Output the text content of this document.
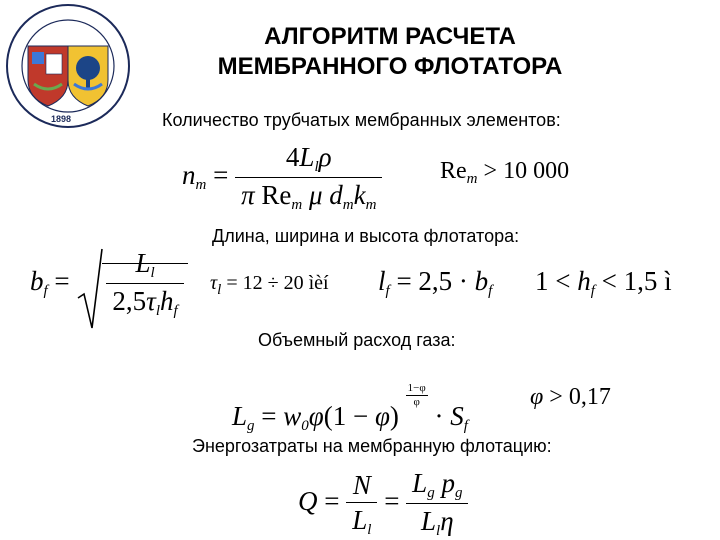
1898
АЛГОРИТМ РАСЧЕТА
МЕМБРАННОГО ФЛОТАТОРА
Количество трубчатых мембранных элементов:
$n_m = \frac{4L_l\rho}{\pi Re_m \mu d_mk_m} Re_m > 10$ 000
Длина, ширина и высота флотатора:
$b_f = \frac{L_l}{2,5\tau_lh_f} \tau_l = 12 \div 20$ ìèí $l_f = 2,5 \cdot b_f$ $1 < h_f < 1,5$ ì
Объемный расход газа:
$L_g = w_0\varphi(1 - \varphi)$
$\frac{1-\varphi}{\varphi}$
· $S_f$
φ > 0,17
Энергозатраты на мембранную флотацию:
$Q = \frac{N}{L_l} = \frac{L_g p_g}{L_l\eta}$
